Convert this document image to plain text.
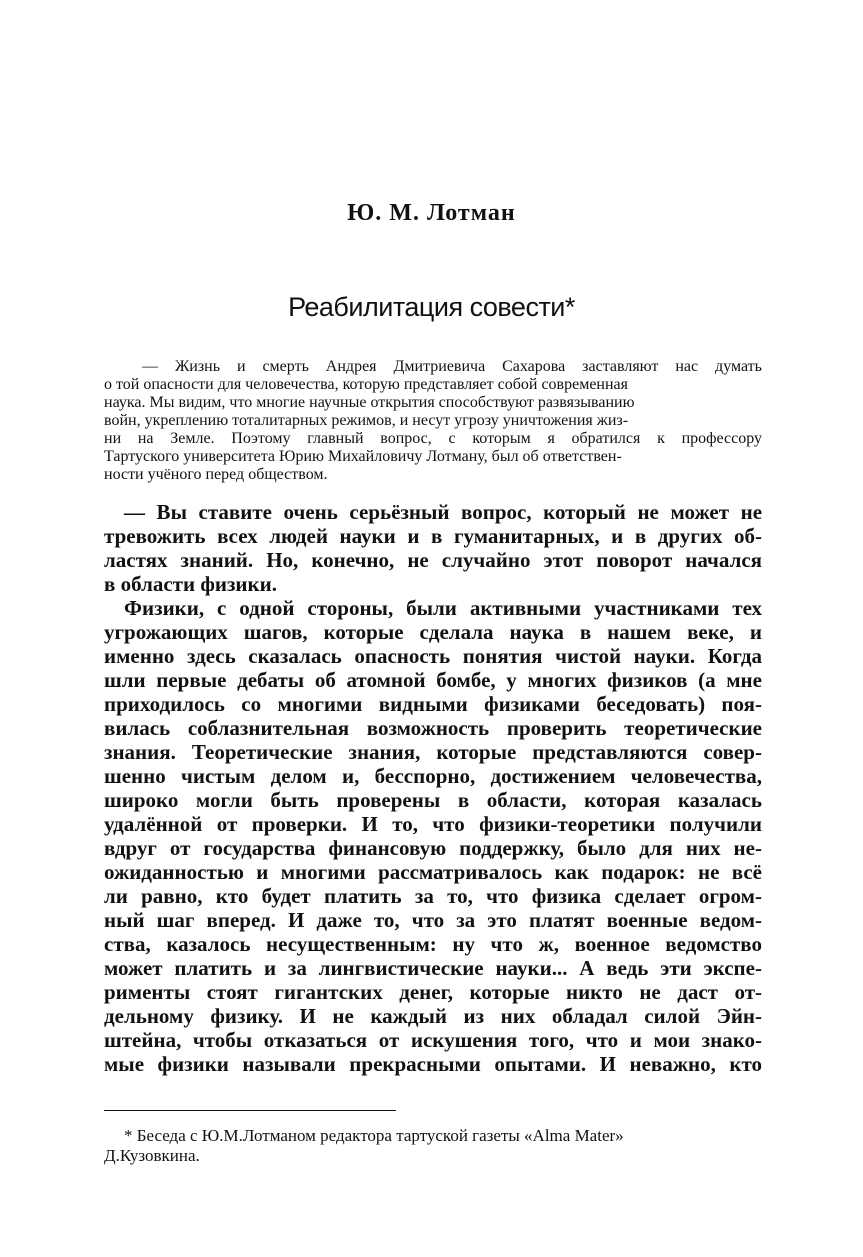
Ю. М. Лотман
Реабилитация совести*
— Жизнь и смерть Андрея Дмитриевича Сахарова заставляют нас думать
о той опасности для человечества, которую представляет собой современная
наука. Мы видим, что многие научные открытия способствуют развязыванию
войн, укреплению тоталитарных режимов, и несут угрозу уничтожения жиз-
ни на Земле. Поэтому главный вопрос, с которым я обратился к профессору
Тартуского университета Юрию Михайловичу Лотману, был об ответствен-
ности учёного перед обществом.
— Вы ставите очень серьёзный вопрос, который не может не
тревожить всех людей науки и в гуманитарных, и в других об-
ластях знаний. Но, конечно, не случайно этот поворот начался
в области физики.
Физики, с одной стороны, были активными участниками тех
угрожающих шагов, которые сделала наука в нашем веке, и
именно здесь сказалась опасность понятия чистой науки. Когда
шли первые дебаты об атомной бомбе, у многих физиков (а мне
приходилось со многими видными физиками беседовать) поя-
вилась соблазнительная возможность проверить теоретические
знания. Теоретические знания, которые представляются совер-
шенно чистым делом и, бесспорно, достижением человечества,
широко могли быть проверены в области, которая казалась
удалённой от проверки. И то, что физики-теоретики получили
вдруг от государства финансовую поддержку, было для них не-
ожиданностью и многими рассматривалось как подарок: не всё
ли равно, кто будет платить за то, что физика сделает огром-
ный шаг вперед. И даже то, что за это платят военные ведом-
ства, казалось несущественным: ну что ж, военное ведомство
может платить и за лингвистические науки... А ведь эти экспе-
рименты стоят гигантских денег, которые никто не даст от-
дельному физику. И не каждый из них обладал силой Эйн-
штейна, чтобы отказаться от искушения того, что и мои знако-
мые физики называли прекрасными опытами. И неважно, кто
* Беседа с Ю.М.Лотманом редактора тартуской газеты «Alma Mater»
Д.Кузовкина.
